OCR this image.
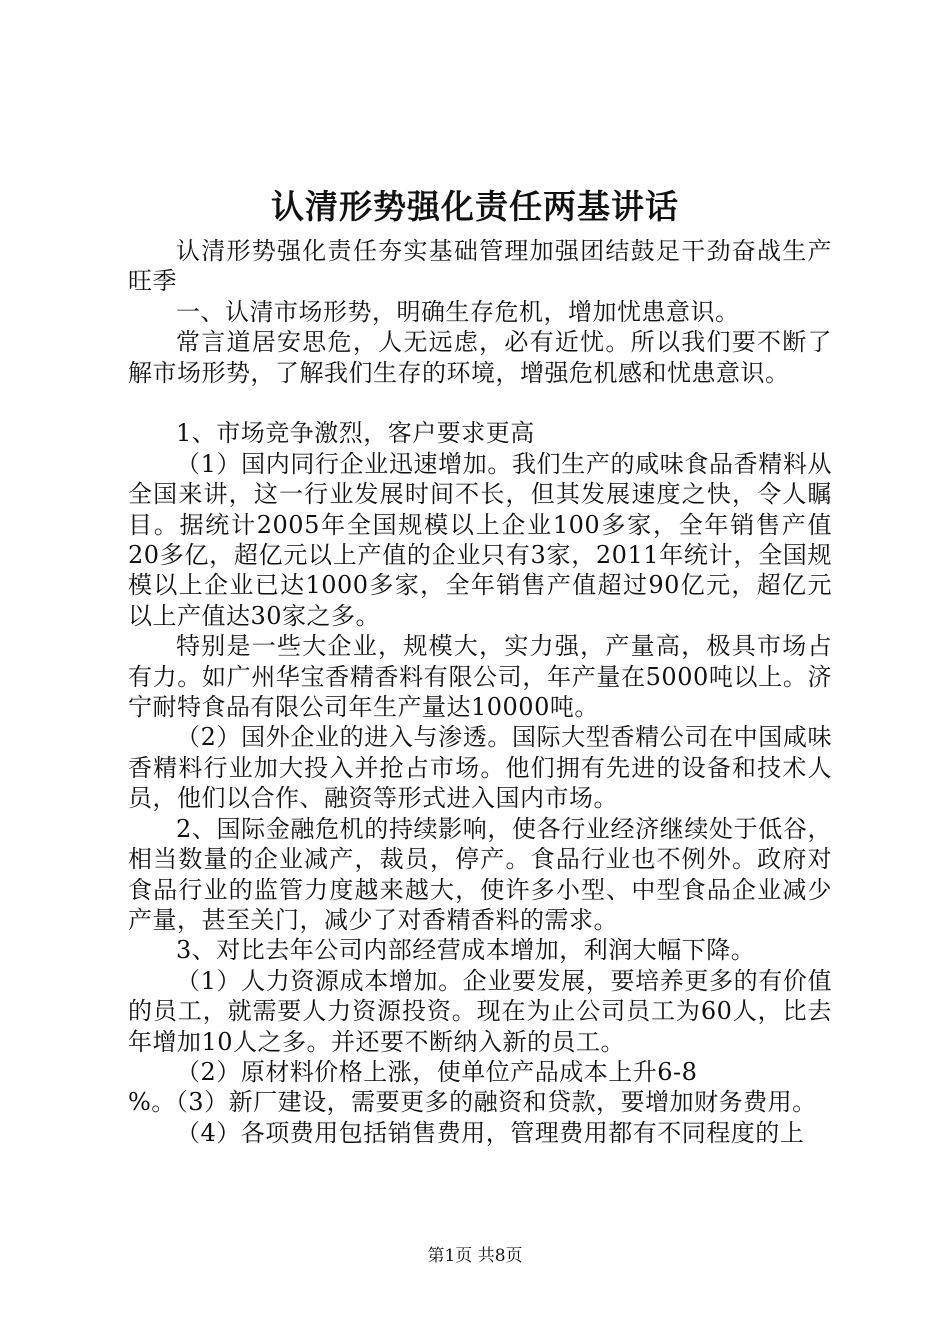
认清形势强化责任两基讲话

认清形势强化责任夯实基础管理加强团结鼓足干劲奋战生产旺季

一、认清市场形势，明确生存危机，增加忧患意识。

常言道居安思危，人无远虑，必有近忧。所以我们要不断了解市场形势，了解我们生存的环境，增强危机感和忧患意识。

1、市场竞争激烈，客户要求更高

（1）国内同行企业迅速增加。我们生产的咸味食品香精料从全国来讲，这一行业发展时间不长，但其发展速度之快，令人瞩目。据统计2005年全国规模以上企业100多家，全年销售产值20多亿，超亿元以上产值的企业只有3家，2011年统计，全国规模以上企业已达1000多家，全年销售产值超过90亿元，超亿元以上产值达30家之多。

特别是一些大企业，规模大，实力强，产量高，极具市场占有力。如广州华宝香精香料有限公司，年产量在5000吨以上。济宁耐特食品有限公司年生产量达10000吨。

（2）国外企业的进入与渗透。国际大型香精公司在中国咸味香精料行业加大投入并抢占市场。他们拥有先进的设备和技术人员，他们以合作、融资等形式进入国内市场。

2、国际金融危机的持续影响，使各行业经济继续处于低谷，相当数量的企业减产，裁员，停产。食品行业也不例外。政府对食品行业的监管力度越来越大，使许多小型、中型食品企业减少产量，甚至关门，减少了对香精香料的需求。

3、对比去年公司内部经营成本增加，利润大幅下降。

（1）人力资源成本增加。企业要发展，要培养更多的有价值的员工，就需要人力资源投资。现在为止公司员工为60人，比去年增加10人之多。并还要不断纳入新的员工。

（2）原材料价格上涨，使单位产品成本上升6-8

%。（3）新厂建设，需要更多的融资和贷款，要增加财务费用。

（4）各项费用包括销售费用，管理费用都有不同程度的上

第1页 共8页
